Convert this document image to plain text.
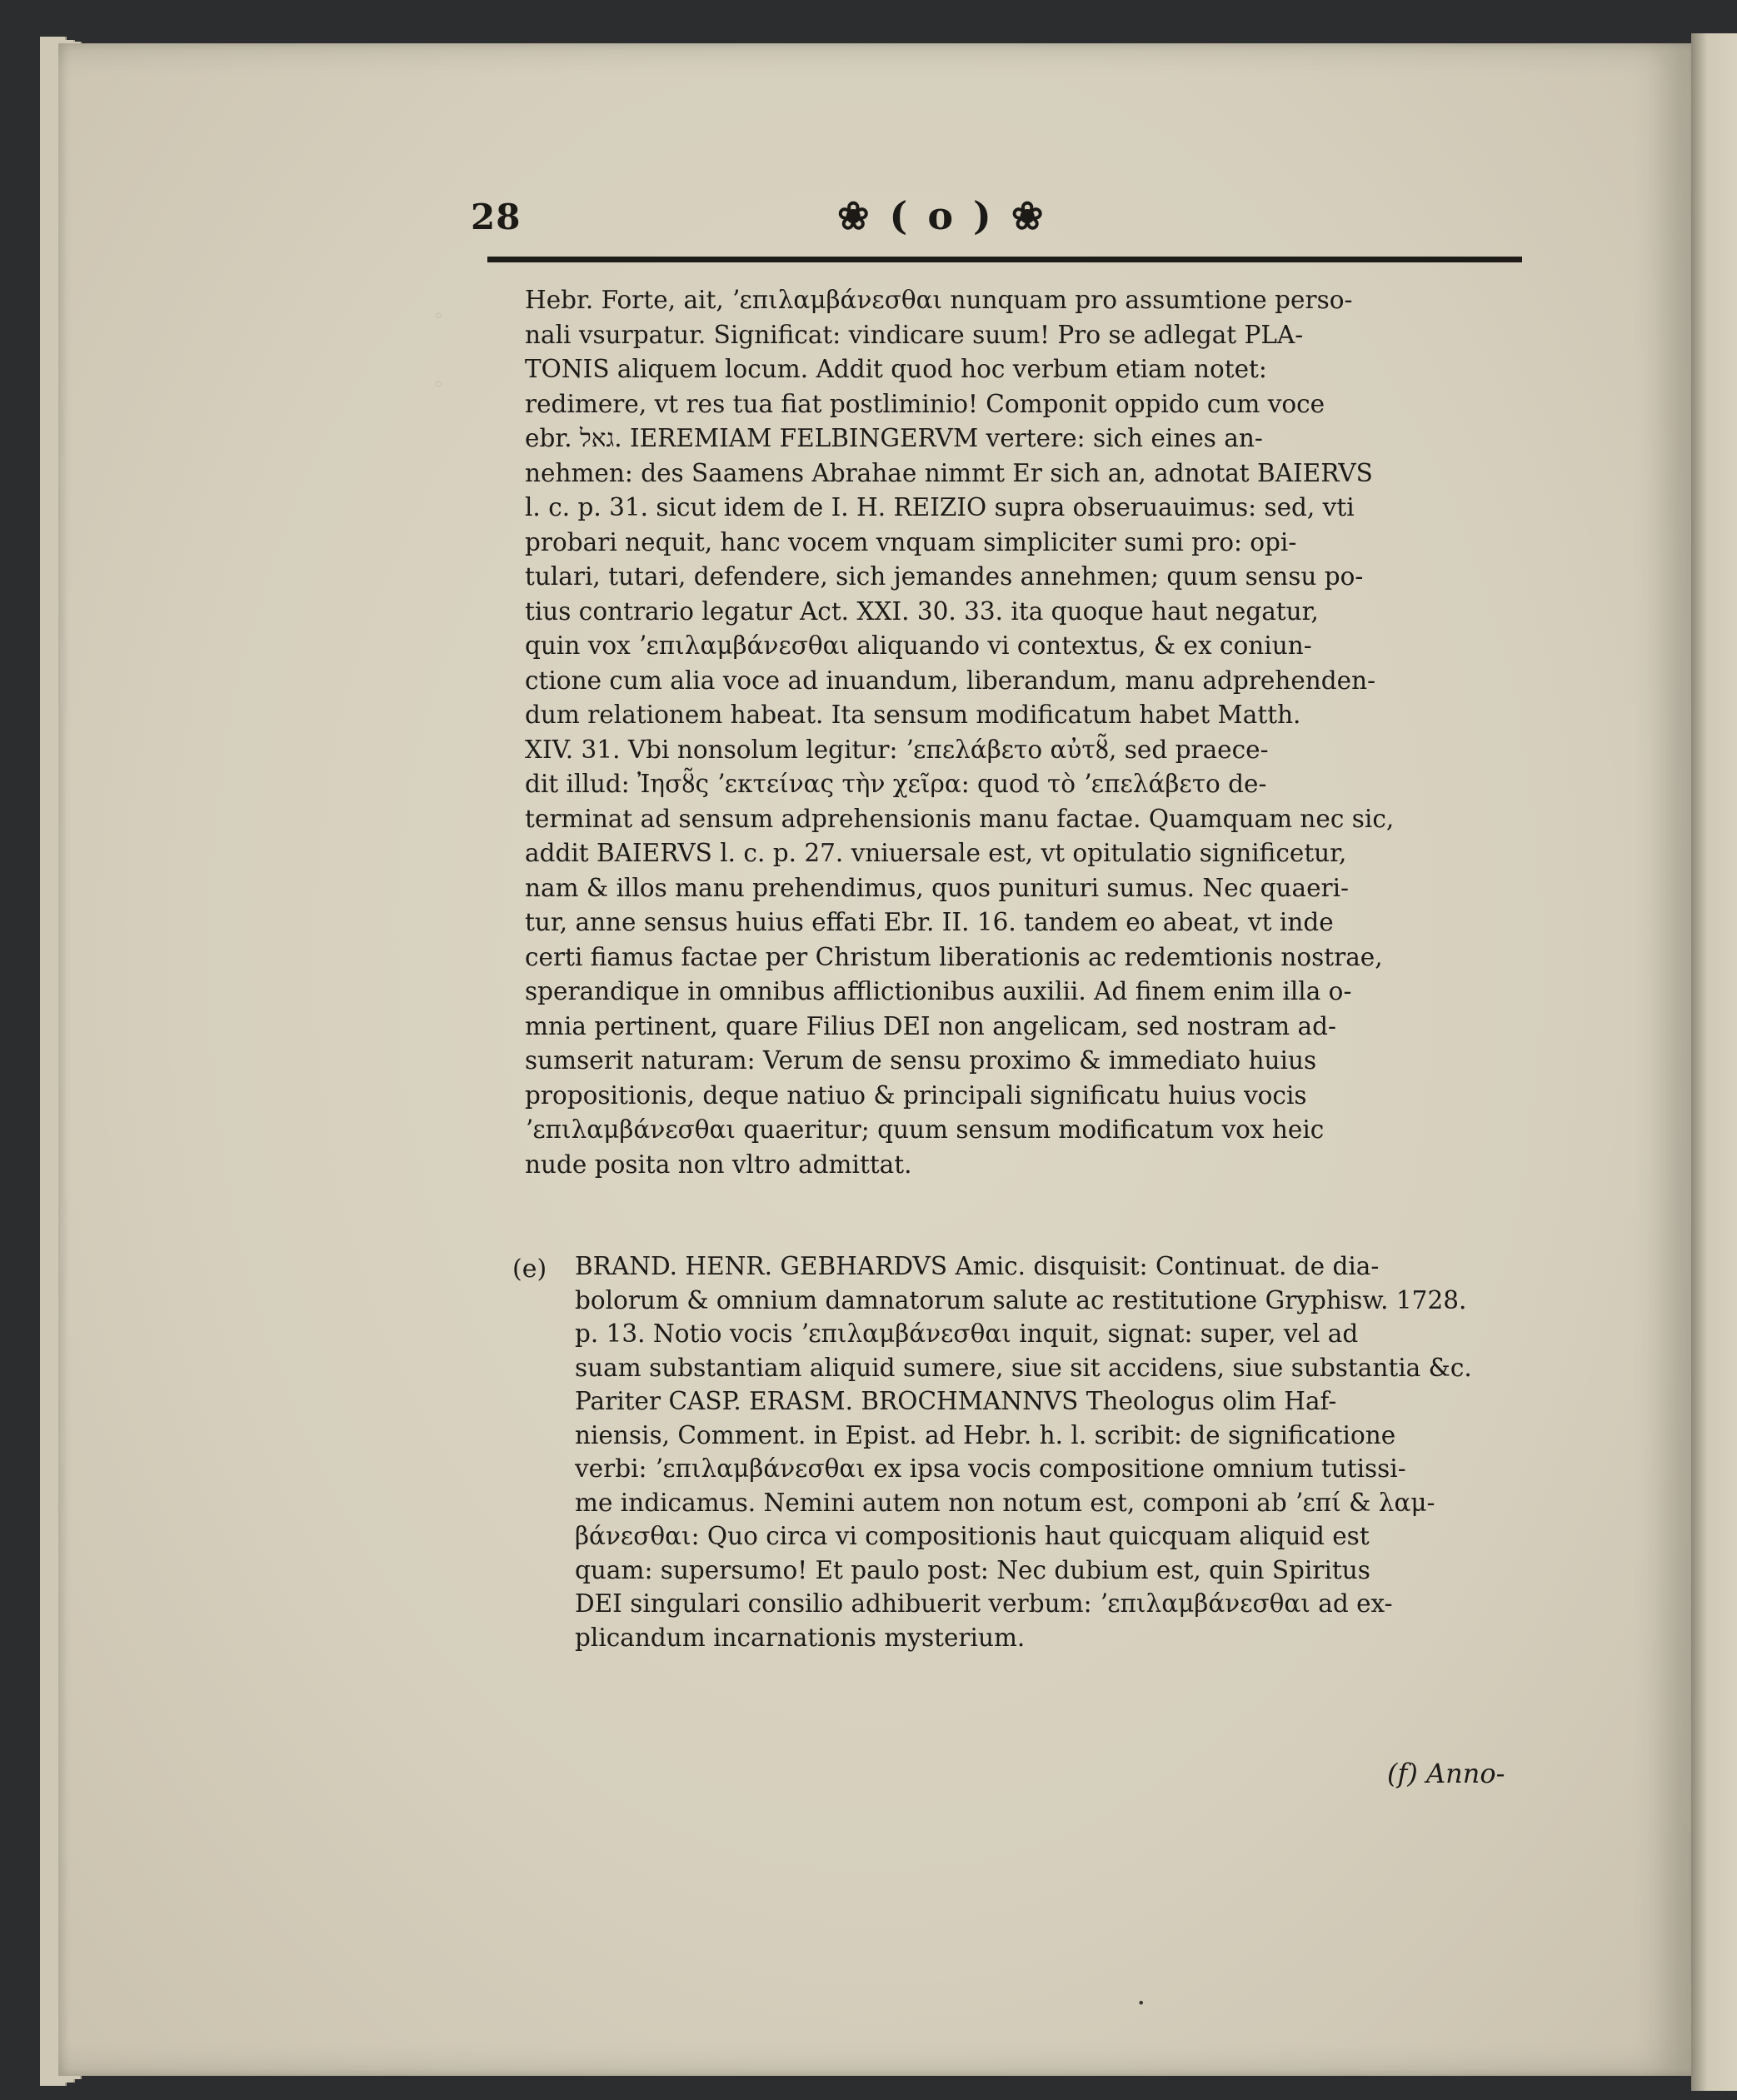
◦
◦
28	❀ ( o ) ❀
Hebr. Forte, ait, ʼεπιλαμβάνεσθαι nunquam pro assumtione perso-
nali vsurpatur. Significat: vindicare suum! Pro se adlegat PLA-
TONIS aliquem locum. Addit quod hoc verbum etiam notet:
redimere, vt res tua fiat postliminio! Componit oppido cum voce
ebr. גאל. IEREMIAM FELBINGERVM vertere: sich eines an-
nehmen: des Saamens Abrahae nimmt Er sich an, adnotat BAIERVS
l. c. p. 31. sicut idem de I. H. REIZIO supra obseruauimus: sed, vti
probari nequit, hanc vocem vnquam simpliciter sumi pro: opi-
tulari, tutari, defendere, sich jemandes annehmen; quum sensu po-
tius contrario legatur Act. XXI. 30. 33. ita quoque haut negatur,
quin vox ʼεπιλαμβάνεσθαι aliquando vi contextus, & ex coniun-
ctione cum alia voce ad inuandum, liberandum, manu adprehenden-
dum relationem habeat. Ita sensum modificatum habet Matth.
XIV. 31. Vbi nonsolum legitur: ʼεπελάβετο αὐτȣ̃, sed praece-
dit illud: Ἰησȣ̃ς ʼεκτείνας τὴν χεῖρα: quod τὸ ʼεπελάβετο de-
terminat ad sensum adprehensionis manu factae. Quamquam nec sic,
addit BAIERVS l. c. p. 27. vniuersale est, vt opitulatio significetur,
nam & illos manu prehendimus, quos puniturі sumus. Nec quaeri-
tur, anne sensus huius effati Ebr. II. 16. tandem eo abeat, vt inde
certi fiamus factae per Christum liberationis ac redemtionis nostrae,
sperandique in omnibus afflictionibus auxilii. Ad finem enim illa o-
mnia pertinent, quare Filius DEI non angelicam, sed nostram ad-
sumserit naturam: Verum de sensu proximo & immediato huius
propositionis, deque natiuo & principali significatu huius vocis
ʼεπιλαμβάνεσθαι quaeritur; quum sensum modificatum vox heic
nude posita non vltro admittat.
(e) BRAND. HENR. GEBHARDVS Amic. disquisit: Continuat. de dia-
bolorum & omnium damnatorum salute ac restitutione Gryphisw. 1728.
p. 13. Notio vocis ʼεπιλαμβάνεσθαι inquit, signat: super, vel ad
suam substantiam aliquid sumere, siue sit accidens, siue substantia &c.
Pariter CASP. ERASM. BROCHMANNVS Theologus olim Haf-
niensis, Comment. in Epist. ad Hebr. h. l. scribit: de significatione
verbi: ʼεπιλαμβάνεσθαι ex ipsa vocis compositione omnium tutissi-
me indicamus. Nemini autem non notum est, componi ab ʼεπί & λαμ-
βάνεσθαι: Quo circa vi compositionis haut quicquam aliquid est
quam: supersumo! Et paulo post: Nec dubium est, quin Spiritus
DEI singulari consilio adhibuerit verbum: ʼεπιλαμβάνεσθαι ad ex-
plicandum incarnationis mysterium.
(f) Anno-
•
